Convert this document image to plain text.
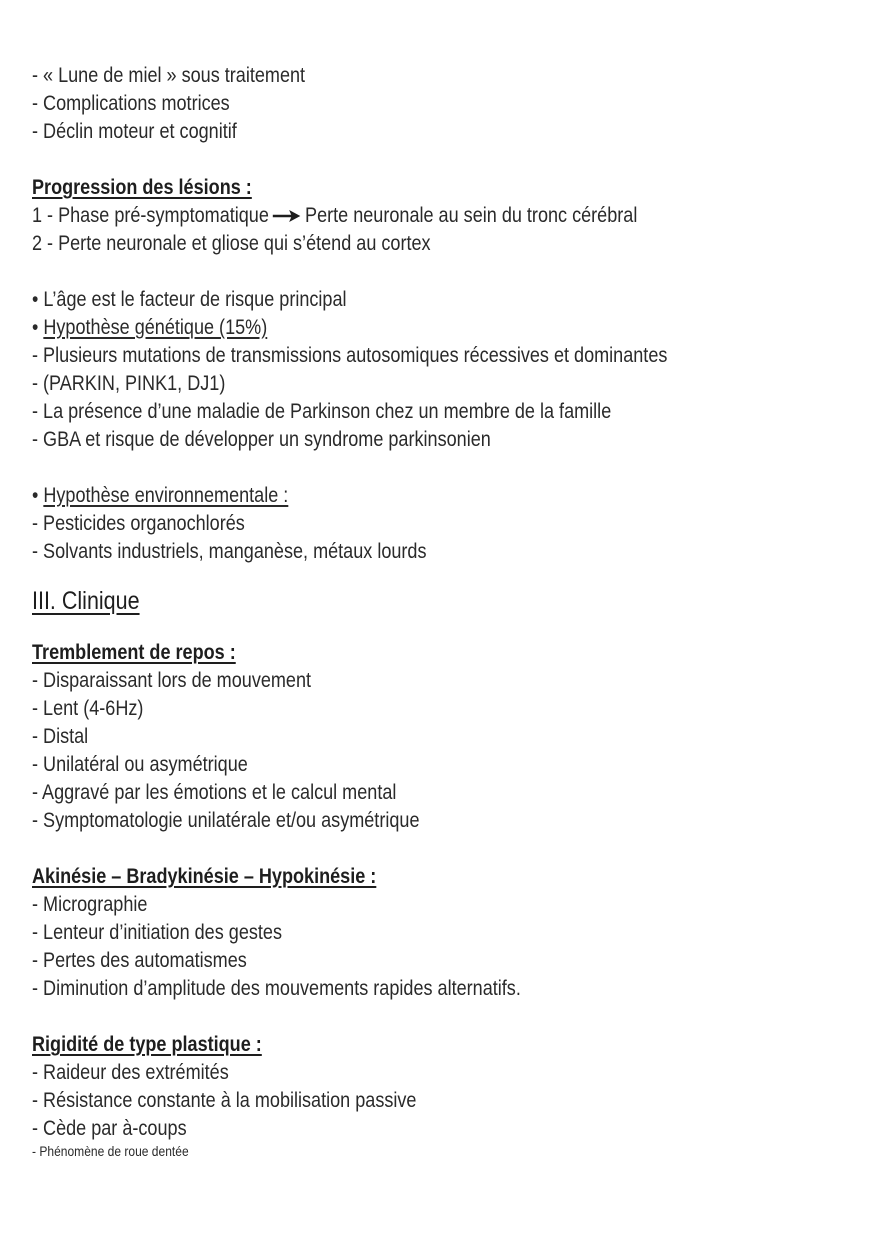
- « Lune de miel » sous traitement
- Complications motrices
- Déclin moteur et cognitif
Progression des lésions :
1 - Phase pré-symptomatique Perte neuronale au sein du tronc cérébral
2 - Perte neuronale et gliose qui s’étend au cortex
• L’âge est le facteur de risque principal
• Hypothèse génétique (15%)
- Plusieurs mutations de transmissions autosomiques récessives et dominantes
- (PARKIN, PINK1, DJ1)
- La présence d’une maladie de Parkinson chez un membre de la famille
- GBA et risque de développer un syndrome parkinsonien
• Hypothèse environnementale :
- Pesticides organochlorés
- Solvants industriels, manganèse, métaux lourds
III. Clinique
Tremblement de repos :
- Disparaissant lors de mouvement
- Lent (4-6Hz)
- Distal
- Unilatéral ou asymétrique
- Aggravé par les émotions et le calcul mental
- Symptomatologie unilatérale et/ou asymétrique
Akinésie – Bradykinésie – Hypokinésie :
- Micrographie
- Lenteur d’initiation des gestes
- Pertes des automatismes
- Diminution d’amplitude des mouvements rapides alternatifs.
Rigidité de type plastique :
- Raideur des extrémités
- Résistance constante à la mobilisation passive
- Cède par à-coups
- Phénomène de roue dentée
